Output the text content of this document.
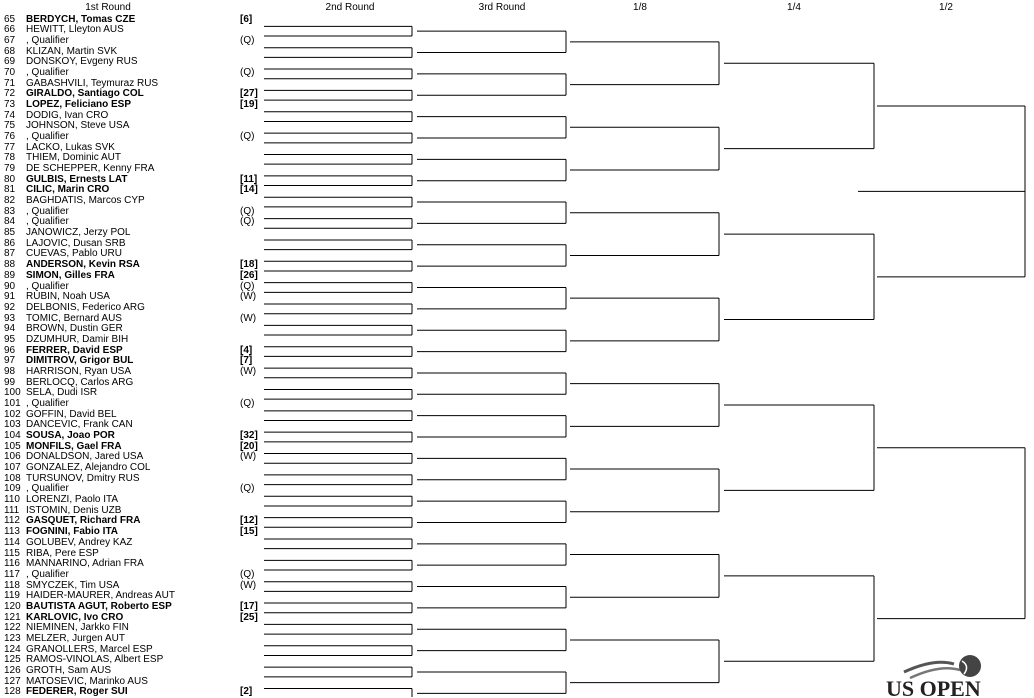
1st Round	2nd Round	3rd Round	1/8	1/4	1/2
65	BERDYCH, Tomas CZE	[6]
66	HEWITT, Lleyton AUS
67	, Qualifier	(Q)
68	KLIZAN, Martin SVK
69	DONSKOY, Evgeny RUS
70	, Qualifier	(Q)
71	GABASHVILI, Teymuraz RUS
72	GIRALDO, Santiago COL	[27]
73	LOPEZ, Feliciano ESP	[19]
74	DODIG, Ivan CRO
75	JOHNSON, Steve USA
76	, Qualifier	(Q)
77	LACKO, Lukas SVK
78	THIEM, Dominic AUT
79	DE SCHEPPER, Kenny FRA
80	GULBIS, Ernests LAT	[11]
81	CILIC, Marin CRO	[14]
82	BAGHDATIS, Marcos CYP
83	, Qualifier	(Q)
84	, Qualifier	(Q)
85	JANOWICZ, Jerzy POL
86	LAJOVIC, Dusan SRB
87	CUEVAS, Pablo URU
88	ANDERSON, Kevin RSA	[18]
89	SIMON, Gilles FRA	[26]
90	, Qualifier	(Q)
91	RUBIN, Noah USA	(W)
92	DELBONIS, Federico ARG
93	TOMIC, Bernard AUS	(W)
94	BROWN, Dustin GER
95	DZUMHUR, Damir BIH
96	FERRER, David ESP	[4]
97	DIMITROV, Grigor BUL	[7]
98	HARRISON, Ryan USA	(W)
99	BERLOCQ, Carlos ARG
100 SELA, Dudi ISR
101 , Qualifier	(Q)
102 GOFFIN, David BEL
103 DANCEVIC, Frank CAN
104 SOUSA, Joao POR	[32]
105 MONFILS, Gael FRA	[20]
106 DONALDSON, Jared USA	(W)
107 GONZALEZ, Alejandro COL
108 TURSUNOV, Dmitry RUS
109 , Qualifier	(Q)
110 LORENZI, Paolo ITA
111 ISTOMIN, Denis UZB
112 GASQUET, Richard FRA	[12]
113 FOGNINI, Fabio ITA	[15]
114 GOLUBEV, Andrey KAZ
115 RIBA, Pere ESP
116 MANNARINO, Adrian FRA
117 , Qualifier	(Q)
118 SMYCZEK, Tim USA	(W)
119 HAIDER-MAURER, Andreas AUT
120 BAUTISTA AGUT, Roberto ESP	[17]
121 KARLOVIC, Ivo CRO	[25]
122 NIEMINEN, Jarkko FIN
123 MELZER, Jurgen AUT
124 GRANOLLERS, Marcel ESP
125 RAMOS-VINOLAS, Albert ESP
126 GROTH, Sam AUS
127 MATOSEVIC, Marinko AUS
128 FEDERER, Roger SUI	[2]	US OPEN
